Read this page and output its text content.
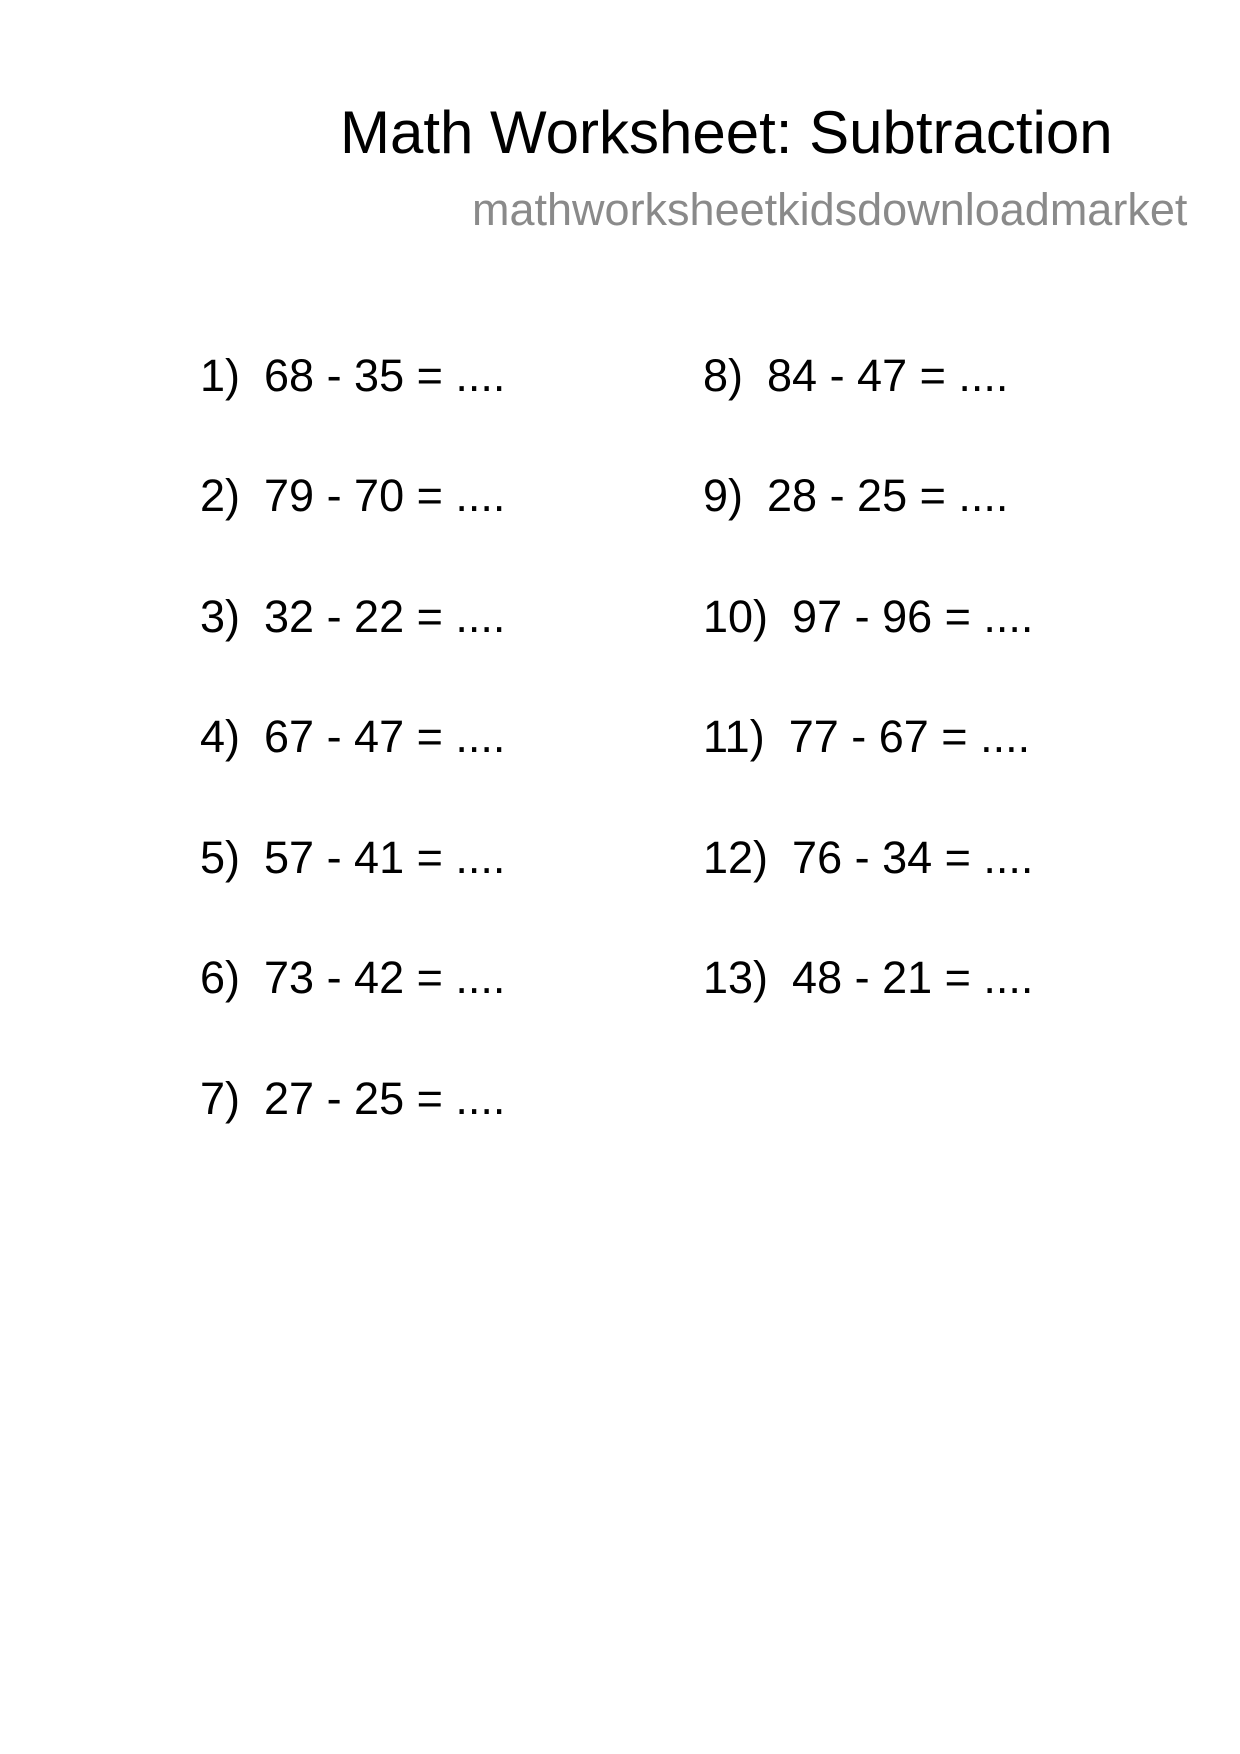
Math Worksheet: Subtraction
mathworksheetkidsdownloadmarket
1) 68 - 35 = ....
2) 79 - 70 = ....
3) 32 - 22 = ....
4) 67 - 47 = ....
5) 57 - 41 = ....
6) 73 - 42 = ....
7) 27 - 25 = ....
8) 84 - 47 = ....
9) 28 - 25 = ....
10) 97 - 96 = ....
11) 77 - 67 = ....
12) 76 - 34 = ....
13) 48 - 21 = ....
